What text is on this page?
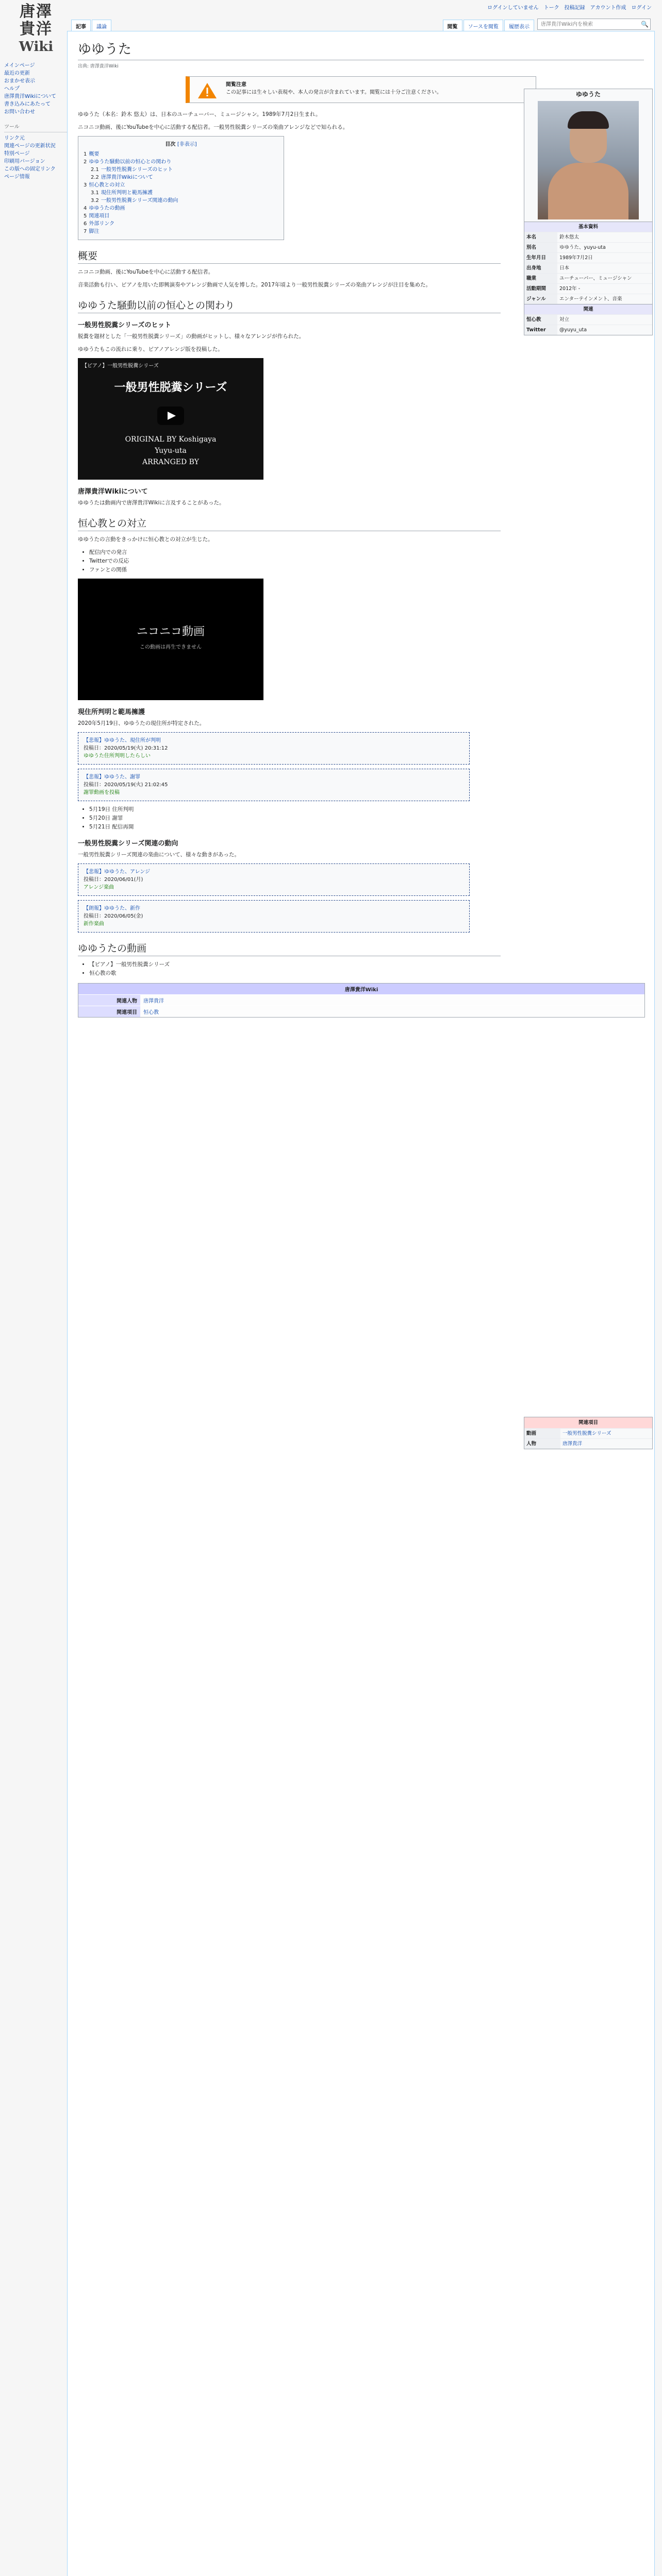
唐澤
貴洋
Wiki
ログインしていません トーク 投稿記録 アカウント作成 ログイン
記事	議論	閲覧	ソースを閲覧	履歴表示
唐澤貴洋Wiki内を検索	🔍
メインページ
最近の更新
おまかせ表示
ヘルプ
唐澤貴洋Wikiについて
書き込みにあたって
お問い合わせ
ツール
リンク元
関連ページの更新状況
特別ページ
印刷用バージョン
この版への固定リンク
ページ情報
ゆゆうた
出典: 唐澤貴洋Wiki
閲覧注意
この記事には生々しい表現や、本人の発言が含まれています。閲覧には十分ご注意ください。

ゆゆうた（本名：鈴木 悠太）は、日本のユーチューバー、ミュージシャン。1989年7月2日生まれ。

ニコニコ動画、後にYouTubeを中心に活動する配信者。一般男性脱糞シリーズの楽曲アレンジなどで知られる。

目次 [非表示]
1 概要
2 ゆゆうた騒動以前の恒心との関わり
2.1 一般男性脱糞シリーズのヒット
2.2 唐澤貴洋Wikiについて
3 恒心教との対立
3.1 現住所判明と範馬擁護
3.2 一般男性脱糞シリーズ関連の動向
4 ゆゆうたの動画
5 関連項目
6 外部リンク
7 脚注
概要

ニコニコ動画、後にYouTubeを中心に活動する配信者。

音楽活動も行い、ピアノを用いた即興演奏やアレンジ動画で人気を博した。2017年頃より一般男性脱糞シリーズの楽曲アレンジが注目を集めた。

ゆゆうた騒動以前の恒心との関わり
一般男性脱糞シリーズのヒット

脱糞を題材とした「一般男性脱糞シリーズ」の動画がヒットし、様々なアレンジが作られた。

ゆゆうたもこの流れに乗り、ピアノアレンジ版を投稿した。

【ピアノ】一般男性脱糞シリーズ
一般男性脱糞シリーズ
ORIGINAL BY Koshigaya
Yuyu-uta
ARRANGED BY
唐澤貴洋Wikiについて

ゆゆうたは動画内で唐澤貴洋Wikiに言及することがあった。

恒心教との対立

ゆゆうたの言動をきっかけに恒心教との対立が生じた。

• 配信内での発言
• Twitterでの反応
• ファンとの関係
ニコニコ動画
この動画は再生できません
現住所判明と範馬擁護

2020年5月19日、ゆゆうたの現住所が特定された。

【悲報】ゆゆうた、現住所が判明
投稿日：2020/05/19(火) 20:31:12
ゆゆうた住所判明したらしい
【悲報】ゆゆうた、謝罪
投稿日：2020/05/19(火) 21:02:45
謝罪動画を投稿
• 5月19日 住所判明
• 5月20日 謝罪
• 5月21日 配信再開
一般男性脱糞シリーズ関連の動向

一般男性脱糞シリーズ関連の楽曲について、様々な動きがあった。

【悲報】ゆゆうた、アレンジ
投稿日：2020/06/01(月)
アレンジ楽曲
【朗報】ゆゆうた、新作
投稿日：2020/06/05(金)
新作楽曲
ゆゆうたの動画
• 【ピアノ】一般男性脱糞シリーズ
• 恒心教の歌
唐澤貴洋Wiki
関連人物	唐澤貴洋
関連項目	恒心教
ゆゆうた
基本資料
本名	鈴木悠太
別名	ゆゆうた、yuyu-uta
生年月日	1989年7月2日
出身地	日本
職業	ユーチューバー、ミュージシャン
活動期間	2012年 -
ジャンル	エンターテインメント、音楽
関連
恒心教	対立
Twitter	@yuyu_uta
関連項目
動画	一般男性脱糞シリーズ
人物	唐澤貴洋
